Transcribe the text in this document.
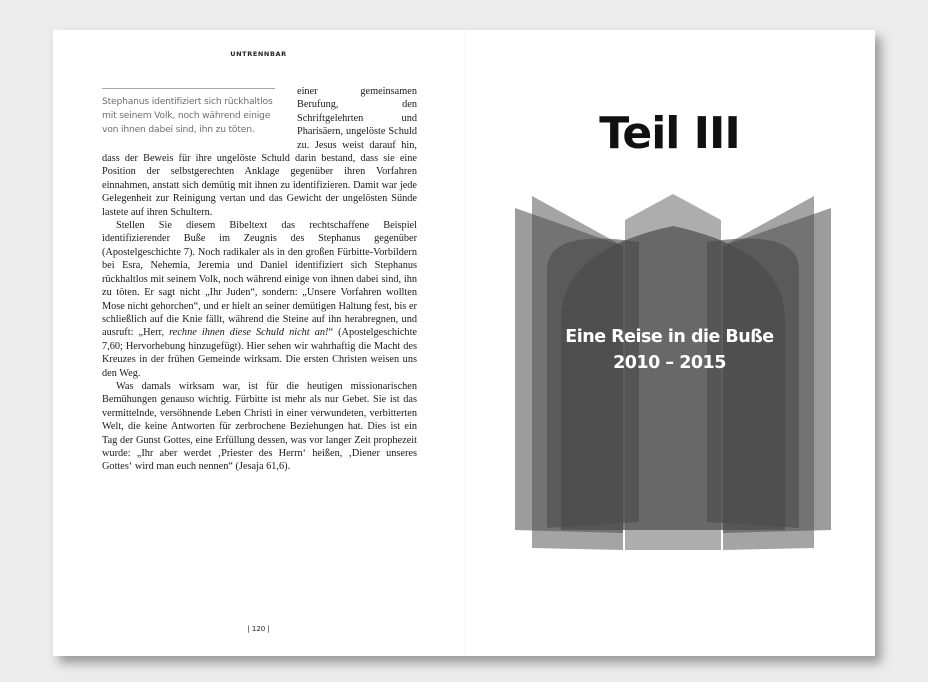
UNTRENNBAR

Stephanus identifiziert sich rückhaltlos mit seinem Volk, noch während einige von ihnen dabei sind, ihn zu töten.
einer gemeinsamen Berufung, den Schriftgelehrten und Pharisäern, ungelöste Schuld zu. Jesus weist darauf hin, dass der Beweis für ihre ungelöste Schuld darin bestand, dass sie eine Position der selbstgerechten Anklage gegenüber ihren Vorfahren einnahmen, anstatt sich demütig mit ihnen zu identifizieren. Damit war jede Gelegenheit zur Reinigung vertan und das Gewicht der ungelösten Sünde lastete auf ihren Schultern.

Stellen Sie diesem Bibeltext das rechtschaffene Beispiel identifizierender Buße im Zeugnis des Stephanus gegenüber (Apostelgeschichte 7). Noch radikaler als in den großen Fürbitte-Vorbildern bei Esra, Nehemia, Jeremia und Daniel identifiziert sich Stephanus rückhaltlos mit seinem Volk, noch während einige von ihnen dabei sind, ihn zu töten. Er sagt nicht „Ihr Juden“, sondern: „Unsere Vorfahren wollten Mose nicht gehorchen“, und er hielt an seiner demütigen Haltung fest, bis er schließlich auf die Knie fällt, während die Steine auf ihn herabregnen, und ausruft: „Herr, rechne ihnen diese Schuld nicht an!“ (Apostelgeschichte 7,60; Hervorhebung hinzugefügt). Hier sehen wir wahrhaftig die Macht des Kreuzes in der frühen Gemeinde wirksam. Die ersten Christen weisen uns den Weg.

Was damals wirksam war, ist für die heutigen missionarischen Bemühungen genauso wichtig. Fürbitte ist mehr als nur Gebet. Sie ist das vermittelnde, versöhnende Leben Christi in einer verwundeten, verbitterten Welt, die keine Antworten für zerbrochene Beziehungen hat. Dies ist ein Tag der Gunst Gottes, eine Erfüllung dessen, was vor langer Zeit prophezeit wurde: „Ihr aber werdet ‚Priester des Herrn‘ heißen, ‚Diener unseres Gottes‘ wird man euch nennen“ (Jesaja 61,6).

| 120 |
Teil III
Eine Reise in die Buße
2010 – 2015
